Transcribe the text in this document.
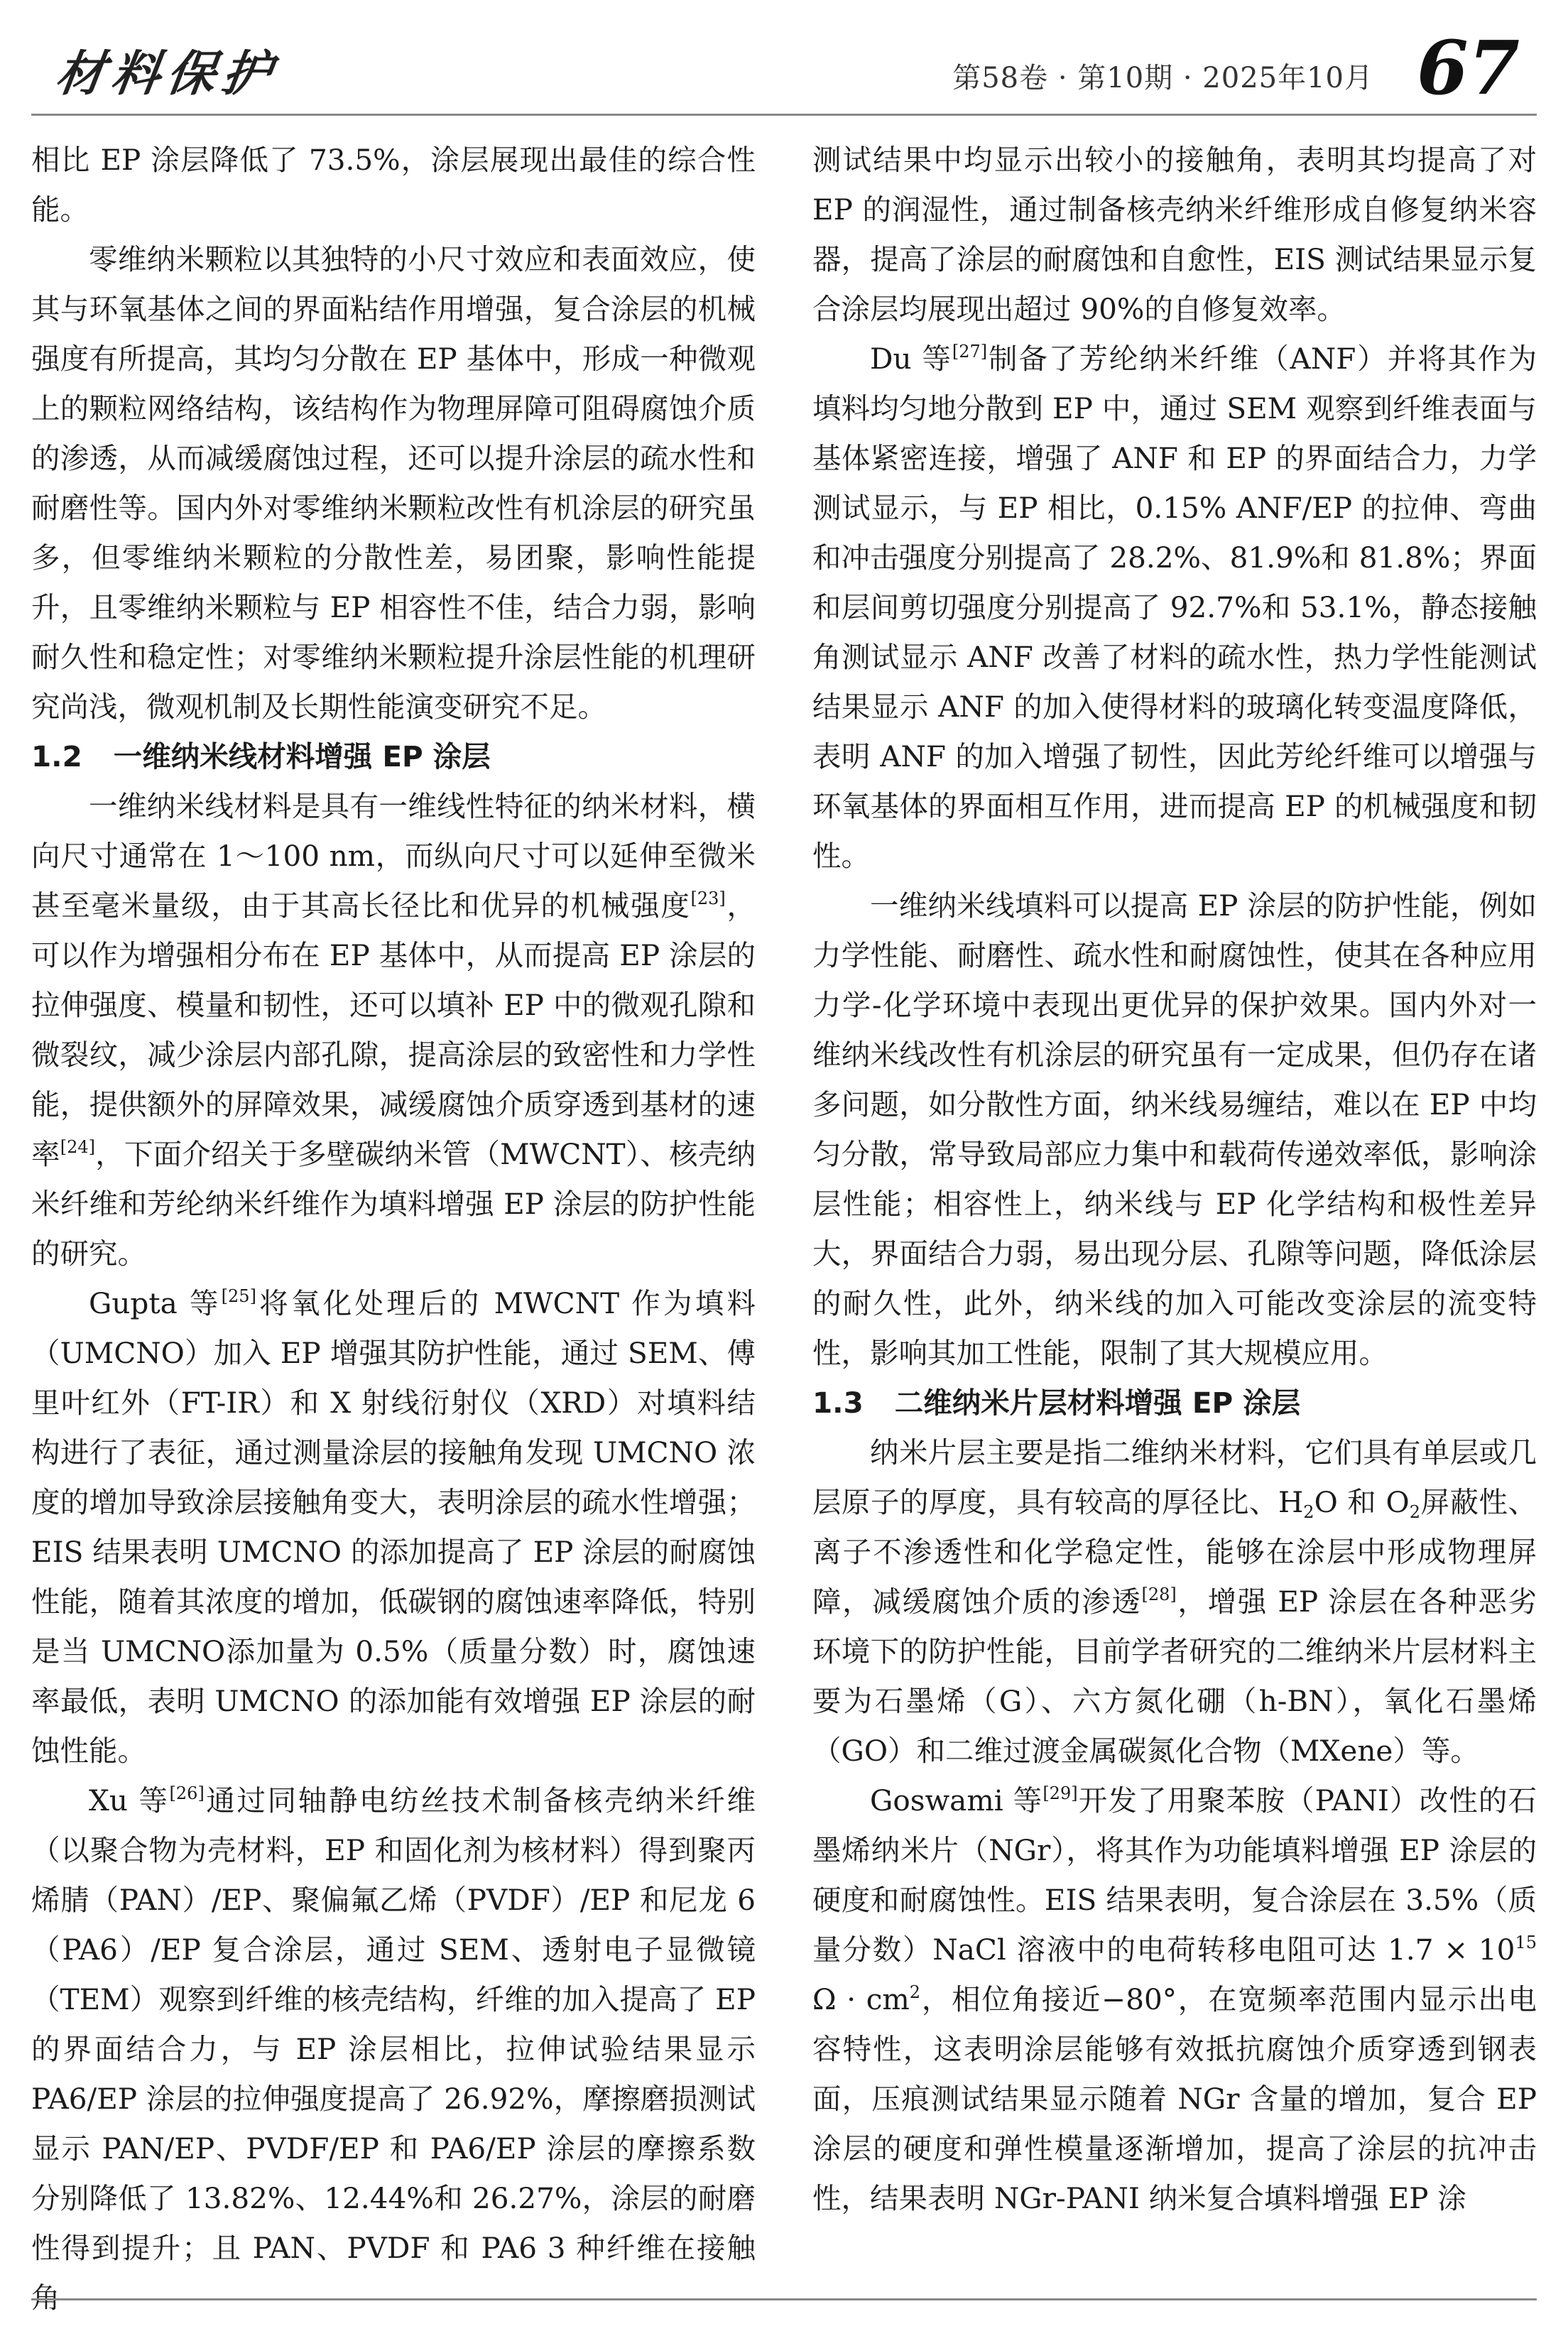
材料保护	第58卷 · 第10期 · 2025年10月 67

相比 EP 涂层降低了 73.5%，涂层展现出最佳的综合性能。

零维纳米颗粒以其独特的小尺寸效应和表面效应，使其与环氧基体之间的界面粘结作用增强，复合涂层的机械强度有所提高，其均匀分散在 EP 基体中，形成一种微观上的颗粒网络结构，该结构作为物理屏障可阻碍腐蚀介质的渗透，从而减缓腐蚀过程，还可以提升涂层的疏水性和耐磨性等。国内外对零维纳米颗粒改性有机涂层的研究虽多，但零维纳米颗粒的分散性差，易团聚，影响性能提升，且零维纳米颗粒与 EP 相容性不佳，结合力弱，影响耐久性和稳定性；对零维纳米颗粒提升涂层性能的机理研究尚浅，微观机制及长期性能演变研究不足。

1.2 一维纳米线材料增强 EP 涂层

一维纳米线材料是具有一维线性特征的纳米材料，横向尺寸通常在 1～100 nm，而纵向尺寸可以延伸至微米甚至毫米量级，由于其高长径比和优异的机械强度[23]，可以作为增强相分布在 EP 基体中，从而提高 EP 涂层的拉伸强度、模量和韧性，还可以填补 EP 中的微观孔隙和微裂纹，减少涂层内部孔隙，提高涂层的致密性和力学性能，提供额外的屏障效果，减缓腐蚀介质穿透到基材的速率[24]，下面介绍关于多壁碳纳米管（MWCNT）、核壳纳米纤维和芳纶纳米纤维作为填料增强 EP 涂层的防护性能的研究。

Gupta 等[25]将氧化处理后的 MWCNT 作为填料（UMCNO）加入 EP 增强其防护性能，通过 SEM、傅里叶红外（FT-IR）和 X 射线衍射仪（XRD）对填料结构进行了表征，通过测量涂层的接触角发现 UMCNO 浓度的增加导致涂层接触角变大，表明涂层的疏水性增强；EIS 结果表明 UMCNO 的添加提高了 EP 涂层的耐腐蚀性能，随着其浓度的增加，低碳钢的腐蚀速率降低，特别是当 UMCNO添加量为 0.5%（质量分数）时，腐蚀速率最低，表明 UMCNO 的添加能有效增强 EP 涂层的耐蚀性能。

Xu 等[26]通过同轴静电纺丝技术制备核壳纳米纤维（以聚合物为壳材料，EP 和固化剂为核材料）得到聚丙烯腈（PAN）/EP、聚偏氟乙烯（PVDF）/EP 和尼龙 6（PA6）/EP 复合涂层，通过 SEM、透射电子显微镜（TEM）观察到纤维的核壳结构，纤维的加入提高了 EP 的界面结合力，与 EP 涂层相比，拉伸试验结果显示 PA6/EP 涂层的拉伸强度提高了 26.92%，摩擦磨损测试显示 PAN/EP、PVDF/EP 和 PA6/EP 涂层的摩擦系数分别降低了 13.82%、12.44%和 26.27%，涂层的耐磨性得到提升；且 PAN、PVDF 和 PA6 3 种纤维在接触角

测试结果中均显示出较小的接触角，表明其均提高了对 EP 的润湿性，通过制备核壳纳米纤维形成自修复纳米容器，提高了涂层的耐腐蚀和自愈性，EIS 测试结果显示复合涂层均展现出超过 90%的自修复效率。

Du 等[27]制备了芳纶纳米纤维（ANF）并将其作为填料均匀地分散到 EP 中，通过 SEM 观察到纤维表面与基体紧密连接，增强了 ANF 和 EP 的界面结合力，力学测试显示，与 EP 相比，0.15% ANF/EP 的拉伸、弯曲和冲击强度分别提高了 28.2%、81.9%和 81.8%；界面和层间剪切强度分别提高了 92.7%和 53.1%，静态接触角测试显示 ANF 改善了材料的疏水性，热力学性能测试结果显示 ANF 的加入使得材料的玻璃化转变温度降低，表明 ANF 的加入增强了韧性，因此芳纶纤维可以增强与环氧基体的界面相互作用，进而提高 EP 的机械强度和韧性。

一维纳米线填料可以提高 EP 涂层的防护性能，例如力学性能、耐磨性、疏水性和耐腐蚀性，使其在各种应用力学-化学环境中表现出更优异的保护效果。国内外对一维纳米线改性有机涂层的研究虽有一定成果，但仍存在诸多问题，如分散性方面，纳米线易缠结，难以在 EP 中均匀分散，常导致局部应力集中和载荷传递效率低，影响涂层性能；相容性上，纳米线与 EP 化学结构和极性差异大，界面结合力弱，易出现分层、孔隙等问题，降低涂层的耐久性，此外，纳米线的加入可能改变涂层的流变特性，影响其加工性能，限制了其大规模应用。

1.3 二维纳米片层材料增强 EP 涂层

纳米片层主要是指二维纳米材料，它们具有单层或几层原子的厚度，具有较高的厚径比、$H_2O$ 和 $O_2$屏蔽性、离子不渗透性和化学稳定性，能够在涂层中形成物理屏障，减缓腐蚀介质的渗透[28]，增强 EP 涂层在各种恶劣环境下的防护性能，目前学者研究的二维纳米片层材料主要为石墨烯（G）、六方氮化硼（h-BN），氧化石墨烯（GO）和二维过渡金属碳氮化合物（MXene）等。

Goswami 等[29]开发了用聚苯胺（PANI）改性的石墨烯纳米片（NGr），将其作为功能填料增强 EP 涂层的硬度和耐腐蚀性。EIS 结果表明，复合涂层在 3.5%（质量分数）NaCl 溶液中的电荷转移电阻可达 $1.7 \times 10^{15}$ $\Omega \cdot cm^2$，相位角接近−80°，在宽频率范围内显示出电容特性，这表明涂层能够有效抵抗腐蚀介质穿透到钢表面，压痕测试结果显示随着 NGr 含量的增加，复合 EP 涂层的硬度和弹性模量逐渐增加，提高了涂层的抗冲击性，结果表明 NGr-PANI 纳米复合填料增强 EP 涂
